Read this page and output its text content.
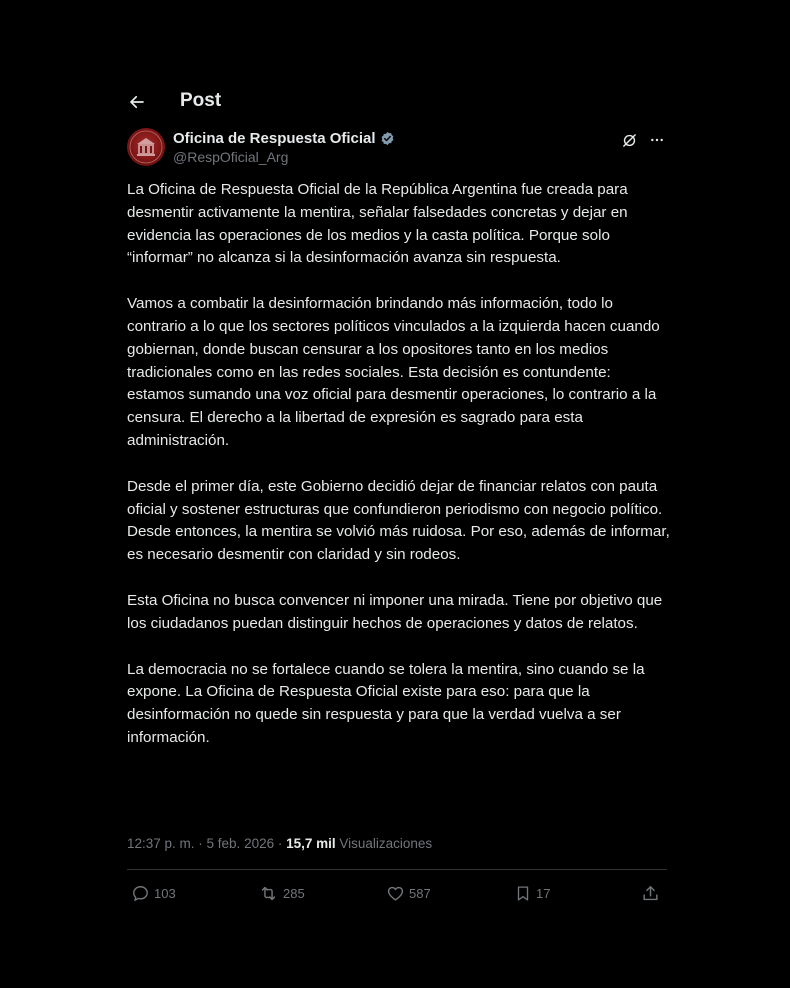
Post
Oficina de Respuesta Oficial
@RespOficial_Arg

La Oficina de Respuesta Oficial de la República Argentina fue creada para desmentir activamente la mentira, señalar falsedades concretas y dejar en evidencia las operaciones de los medios y la casta política. Porque solo “informar” no alcanza si la desinformación avanza sin respuesta.

Vamos a combatir la desinformación brindando más información, todo lo contrario a lo que los sectores políticos vinculados a la izquierda hacen cuando gobiernan, donde buscan censurar a los opositores tanto en los medios tradicionales como en las redes sociales. Esta decisión es contundente: estamos sumando una voz oficial para desmentir operaciones, lo contrario a la censura. El derecho a la libertad de expresión es sagrado para esta administración.

Desde el primer día, este Gobierno decidió dejar de financiar relatos con pauta oficial y sostener estructuras que confundieron periodismo con negocio político. Desde entonces, la mentira se volvió más ruidosa. Por eso, además de informar, es necesario desmentir con claridad y sin rodeos.

Esta Oficina no busca convencer ni imponer una mirada. Tiene por objetivo que los ciudadanos puedan distinguir hechos de operaciones y datos de relatos.

La democracia no se fortalece cuando se tolera la mentira, sino cuando se la expone. La Oficina de Respuesta Oficial existe para eso: para que la desinformación no quede sin respuesta y para que la verdad vuelva a ser información.

12:37 p. m. · 5 feb. 2026 · 15,7 mil Visualizaciones
103	285	587	17
